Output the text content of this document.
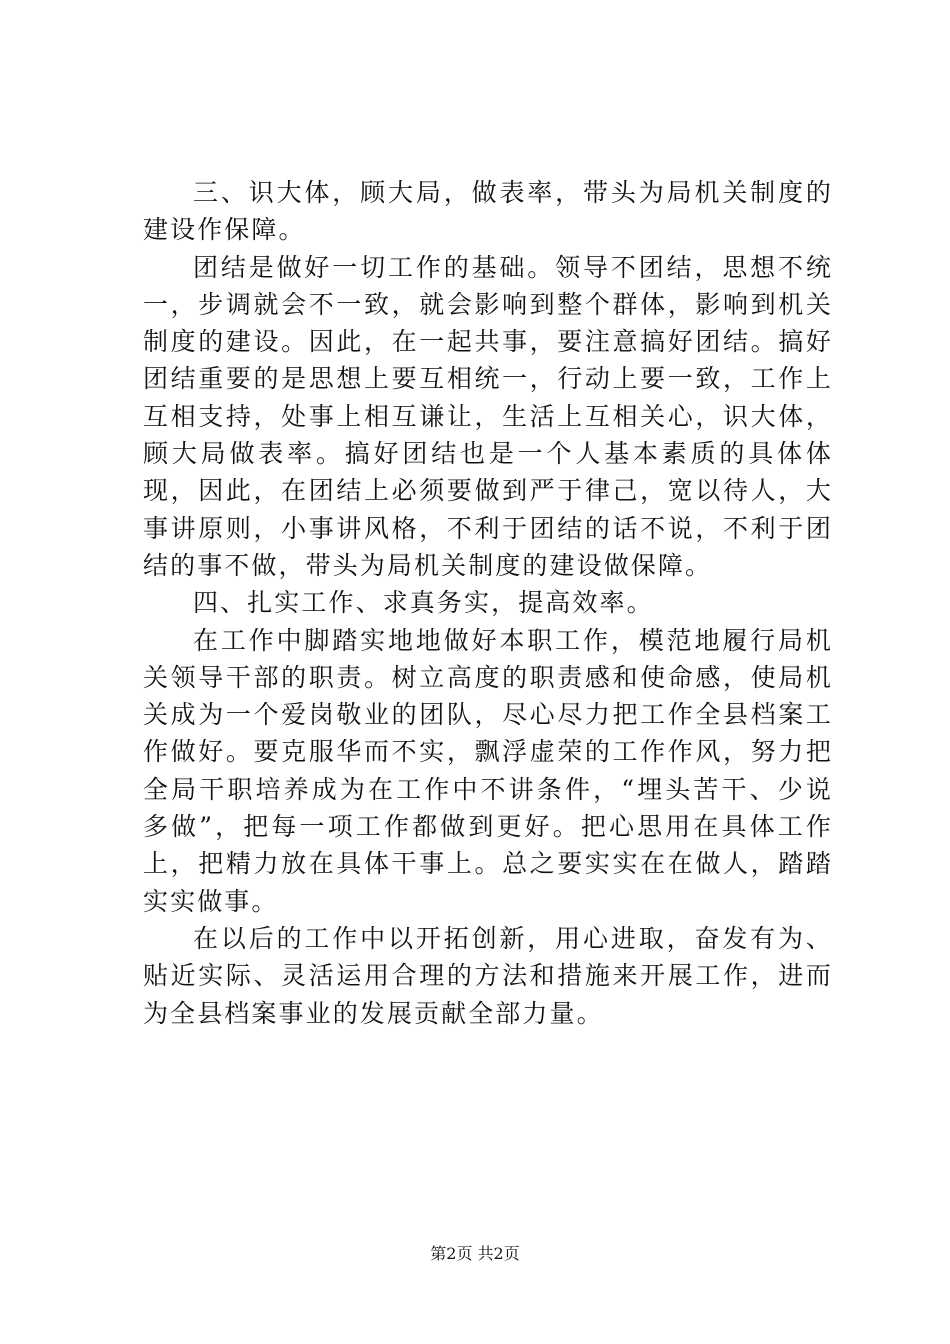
三、识大体，顾大局，做表率，带头为局机关制度的建设作保障。

团结是做好一切工作的基础。领导不团结，思想不统一，步调就会不一致，就会影响到整个群体，影响到机关制度的建设。因此，在一起共事，要注意搞好团结。搞好团结重要的是思想上要互相统一，行动上要一致，工作上互相支持，处事上相互谦让，生活上互相关心，识大体，顾大局做表率。搞好团结也是一个人基本素质的具体体现，因此，在团结上必须要做到严于律己，宽以待人，大事讲原则，小事讲风格，不利于团结的话不说，不利于团结的事不做，带头为局机关制度的建设做保障。

四、扎实工作、求真务实，提高效率。

在工作中脚踏实地地做好本职工作，模范地履行局机关领导干部的职责。树立高度的职责感和使命感，使局机关成为一个爱岗敬业的团队，尽心尽力把工作全县档案工作做好。要克服华而不实，飘浮虚荣的工作作风，努力把全局干职培养成为在工作中不讲条件，“埋头苦干、少说多做”，把每一项工作都做到更好。把心思用在具体工作上，把精力放在具体干事上。总之要实实在在做人，踏踏实实做事。

在以后的工作中以开拓创新，用心进取，奋发有为、贴近实际、灵活运用合理的方法和措施来开展工作，进而为全县档案事业的发展贡献全部力量。

第2页 共2页
